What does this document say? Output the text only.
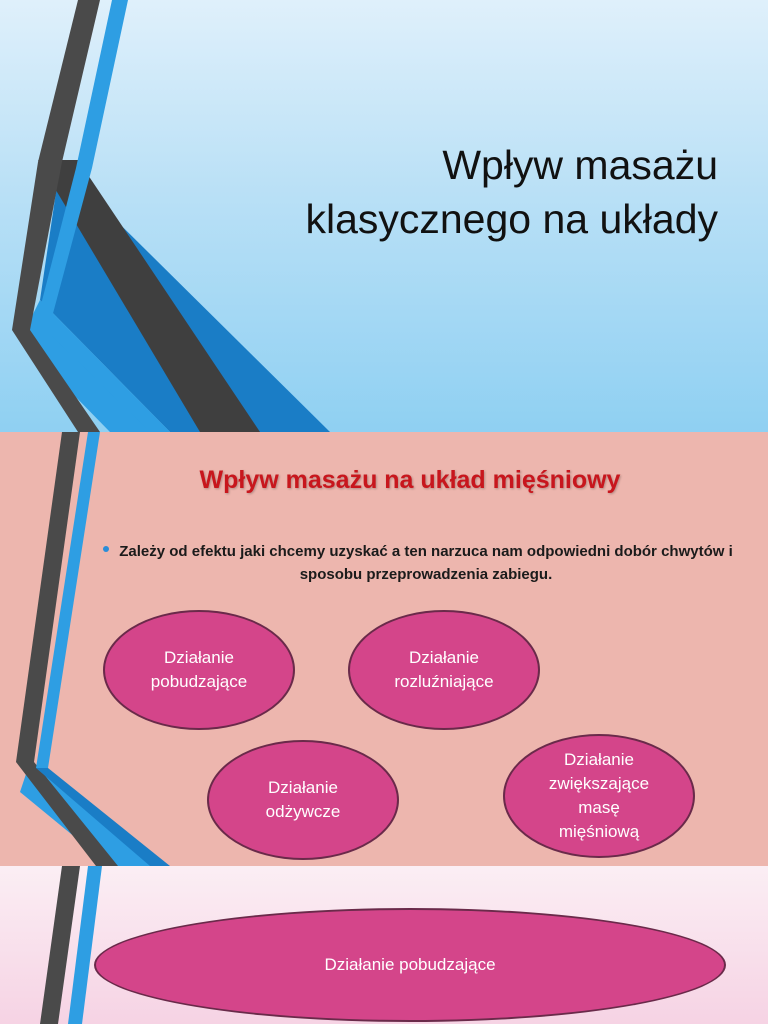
Wpływ masażu
klasycznego na układy
Wpływ masażu na układ mięśniowy
Zależy od efektu jaki chcemy uzyskać a ten narzuca nam odpowiedni dobór chwytów i sposobu przeprowadzenia zabiegu.
Działanie
pobudzające
Działanie
rozluźniające
Działanie
odżywcze
Działanie
zwiększające
masę
mięśniową
Działanie pobudzające
